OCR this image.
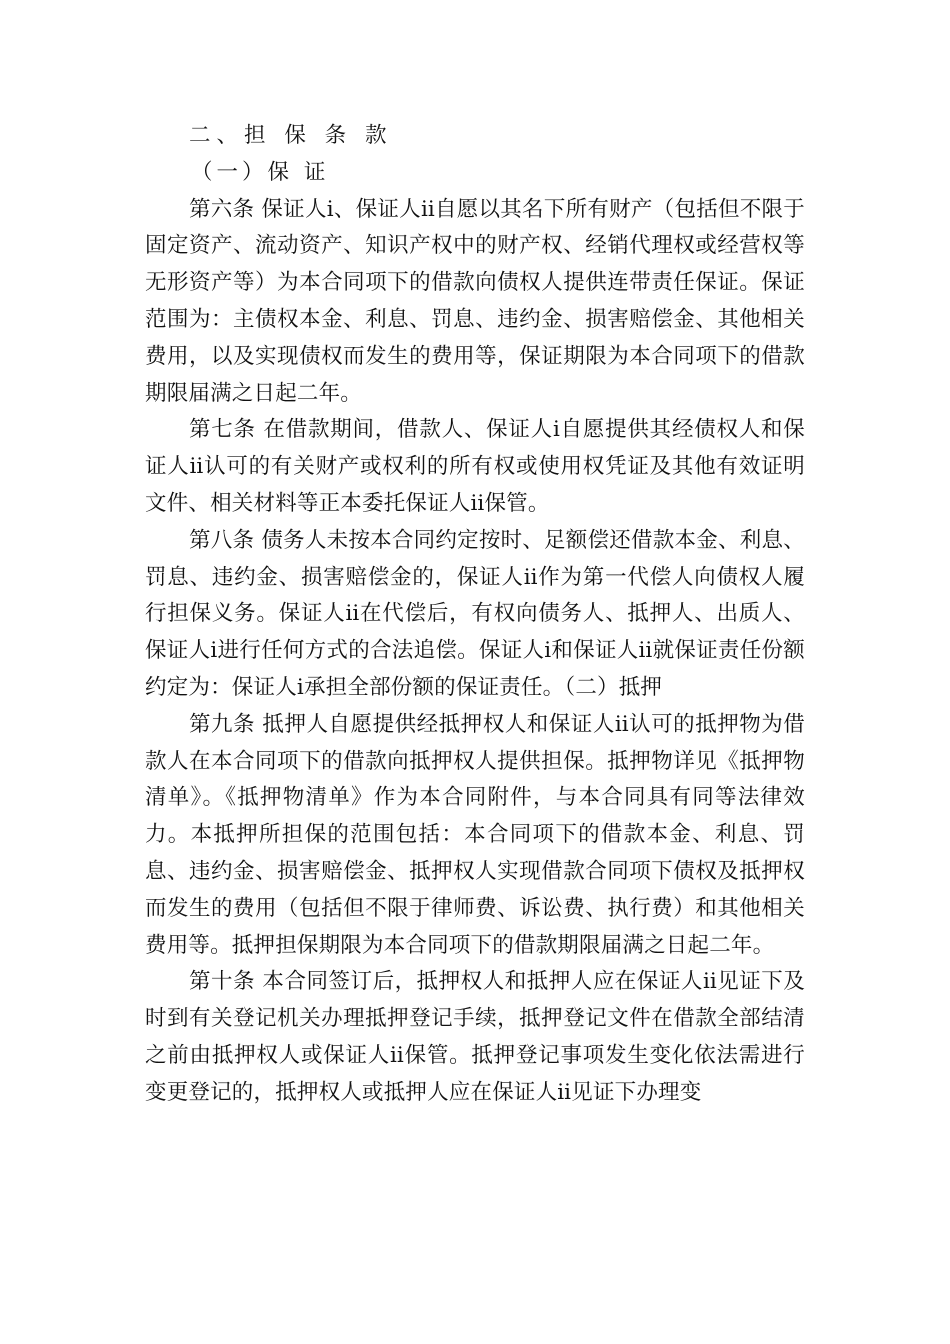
二、担 保 条 款

（一）保 证

第六条 保证人ⅰ、保证人ⅱ自愿以其名下所有财产（包括但不限于固定资产、流动资产、知识产权中的财产权、经销代理权或经营权等无形资产等）为本合同项下的借款向债权人提供连带责任保证。保证范围为：主债权本金、利息、罚息、违约金、损害赔偿金、其他相关费用，以及实现债权而发生的费用等，保证期限为本合同项下的借款期限届满之日起二年。

第七条 在借款期间，借款人、保证人ⅰ自愿提供其经债权人和保证人ⅱ认可的有关财产或权利的所有权或使用权凭证及其他有效证明文件、相关材料等正本委托保证人ⅱ保管。

第八条 债务人未按本合同约定按时、足额偿还借款本金、利息、罚息、违约金、损害赔偿金的，保证人ⅱ作为第一代偿人向债权人履行担保义务。保证人ⅱ在代偿后，有权向债务人、抵押人、出质人、保证人ⅰ进行任何方式的合法追偿。保证人ⅰ和保证人ⅱ就保证责任份额约定为：保证人ⅰ承担全部份额的保证责任。（二）抵押

第九条 抵押人自愿提供经抵押权人和保证人ⅱ认可的抵押物为借款人在本合同项下的借款向抵押权人提供担保。抵押物详见《抵押物清单》。《抵押物清单》作为本合同附件，与本合同具有同等法律效力。本抵押所担保的范围包括：本合同项下的借款本金、利息、罚息、违约金、损害赔偿金、抵押权人实现借款合同项下债权及抵押权而发生的费用（包括但不限于律师费、诉讼费、执行费）和其他相关费用等。抵押担保期限为本合同项下的借款期限届满之日起二年。

第十条 本合同签订后，抵押权人和抵押人应在保证人ⅱ见证下及时到有关登记机关办理抵押登记手续，抵押登记文件在借款全部结清之前由抵押权人或保证人ⅱ保管。抵押登记事项发生变化依法需进行变更登记的，抵押权人或抵押人应在保证人ⅱ见证下办理变
